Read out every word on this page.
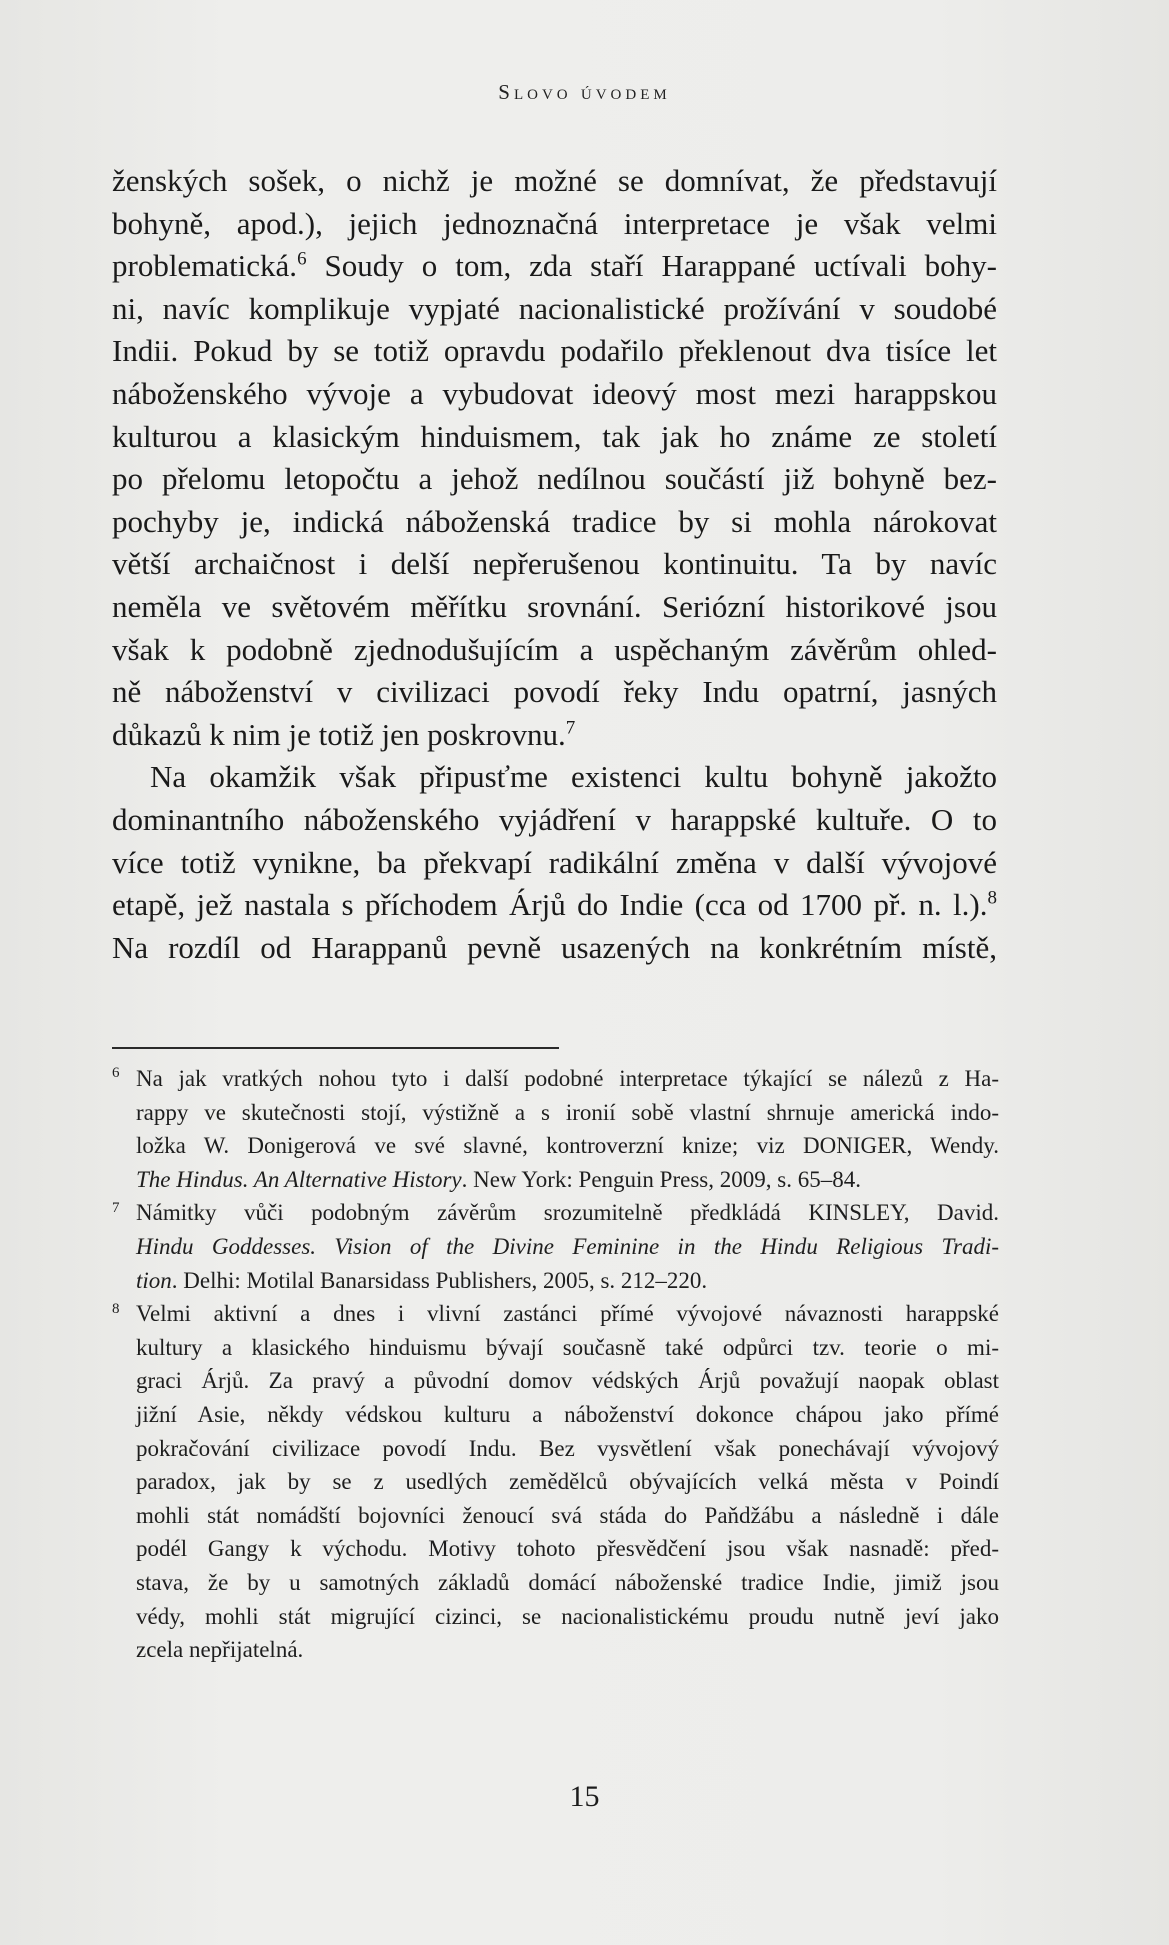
Slovo úvodem
ženských sošek, o nichž je možné se domnívat, že představují
bohyně, apod.), jejich jednoznačná interpretace je však velmi
problematická.$^6$ Soudy o tom, zda staří Harappané uctívali bohy-
ni, navíc komplikuje vypjaté nacionalistické prožívání v soudobé
Indii. Pokud by se totiž opravdu podařilo překlenout dva tisíce let
náboženského vývoje a vybudovat ideový most mezi harappskou
kulturou a klasickým hinduismem, tak jak ho známe ze století
po přelomu letopočtu a jehož nedílnou součástí již bohyně bez-
pochyby je, indická náboženská tradice by si mohla nárokovat
větší archaičnost i delší nepřerušenou kontinuitu. Ta by navíc
neměla ve světovém měřítku srovnání. Seriózní historikové jsou
však k podobně zjednodušujícím a uspěchaným závěrům ohled-
ně náboženství v civilizaci povodí řeky Indu opatrní, jasných
důkazů k nim je totiž jen poskrovnu.$^7$
Na okamžik však připusťme existenci kultu bohyně jakožto
dominantního náboženského vyjádření v harappské kultuře. O to
více totiž vynikne, ba překvapí radikální změna v další vývojové
etapě, jež nastala s příchodem Árjů do Indie (cca od 1700 př. n. l.).$^8$
Na rozdíl od Harappanů pevně usazených na konkrétním místě,
6 Na jak vratkých nohou tyto i další podobné interpretace týkající se nálezů z Ha-
rappy ve skutečnosti stojí, výstižně a s ironií sobě vlastní shrnuje americká indo-
ložka W. Donigerová ve své slavné, kontroverzní knize; viz DONIGER, Wendy.
The Hindus. An Alternative History. New York: Penguin Press, 2009, s. 65–84.
7 Námitky vůči podobným závěrům srozumitelně předkládá KINSLEY, David.
Hindu Goddesses. Vision of the Divine Feminine in the Hindu Religious Tradi-
tion. Delhi: Motilal Banarsidass Publishers, 2005, s. 212–220.
8 Velmi aktivní a dnes i vlivní zastánci přímé vývojové návaznosti harappské
kultury a klasického hinduismu bývají současně také odpůrci tzv. teorie o mi-
graci Árjů. Za pravý a původní domov védských Árjů považují naopak oblast
jižní Asie, někdy védskou kulturu a náboženství dokonce chápou jako přímé
pokračování civilizace povodí Indu. Bez vysvětlení však ponechávají vývojový
paradox, jak by se z usedlých zemědělců obývajících velká města v Poindí
mohli stát nomádští bojovníci ženoucí svá stáda do Paňdžábu a následně i dále
podél Gangy k východu. Motivy tohoto přesvědčení jsou však nasnadě: před-
stava, že by u samotných základů domácí náboženské tradice Indie, jimiž jsou
védy, mohli stát migrující cizinci, se nacionalistickému proudu nutně jeví jako
zcela nepřijatelná.
15
